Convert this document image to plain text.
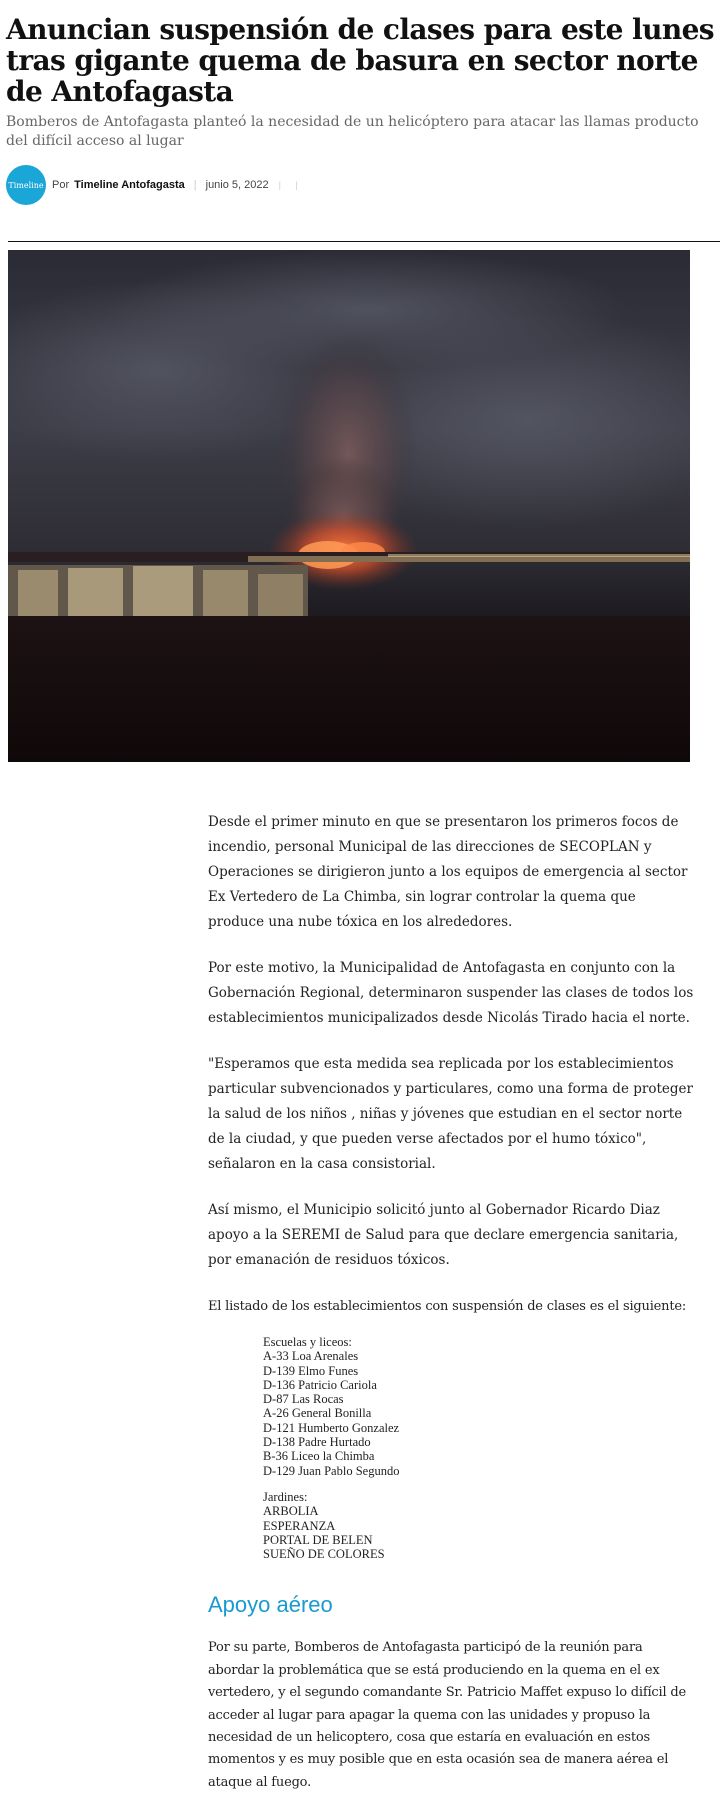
Anuncian suspensión de clases para este lunes tras gigante quema de basura en sector norte de Antofagasta

Bomberos de Antofagasta planteó la necesidad de un helicóptero para atacar las llamas producto del difícil acceso al lugar

Timeline Por Timeline Antofagasta | junio 5, 2022 | |

Desde el primer minuto en que se presentaron los primeros focos de incendio, personal Municipal de las direcciones de SECOPLAN y Operaciones se dirigieron junto a los equipos de emergencia al sector Ex Vertedero de La Chimba, sin lograr controlar la quema que produce una nube tóxica en los alrededores.

Por este motivo, la Municipalidad de Antofagasta en conjunto con la Gobernación Regional, determinaron suspender las clases de todos los establecimientos municipalizados desde Nicolás Tirado hacia el norte.

"Esperamos que esta medida sea replicada por los establecimientos particular subvencionados y particulares, como una forma de proteger la salud de los niños , niñas y jóvenes que estudian en el sector norte de la ciudad, y que pueden verse afectados por el humo tóxico", señalaron en la casa consistorial.

Así mismo, el Municipio solicitó junto al Gobernador Ricardo Diaz apoyo a la SEREMI de Salud para que declare emergencia sanitaria, por emanación de residuos tóxicos.

El listado de los establecimientos con suspensión de clases es el siguiente:

Escuelas y liceos:
A-33 Loa Arenales
D-139 Elmo Funes
D-136 Patricio Cariola
D-87 Las Rocas
A-26 General Bonilla
D-121 Humberto Gonzalez
D-138 Padre Hurtado
B-36 Liceo la Chimba
D-129 Juan Pablo Segundo
Jardines:
ARBOLIA
ESPERANZA
PORTAL DE BELEN
SUEÑO DE COLORES
Apoyo aéreo

Por su parte, Bomberos de Antofagasta participó de la reunión para abordar la problemática que se está produciendo en la quema en el ex vertedero, y el segundo comandante Sr. Patricio Maffet expuso lo difícil de acceder al lugar para apagar la quema con las unidades y propuso la necesidad de un helicoptero, cosa que estaría en evaluación en estos momentos y es muy posible que en esta ocasión sea de manera aérea el ataque al fuego.
